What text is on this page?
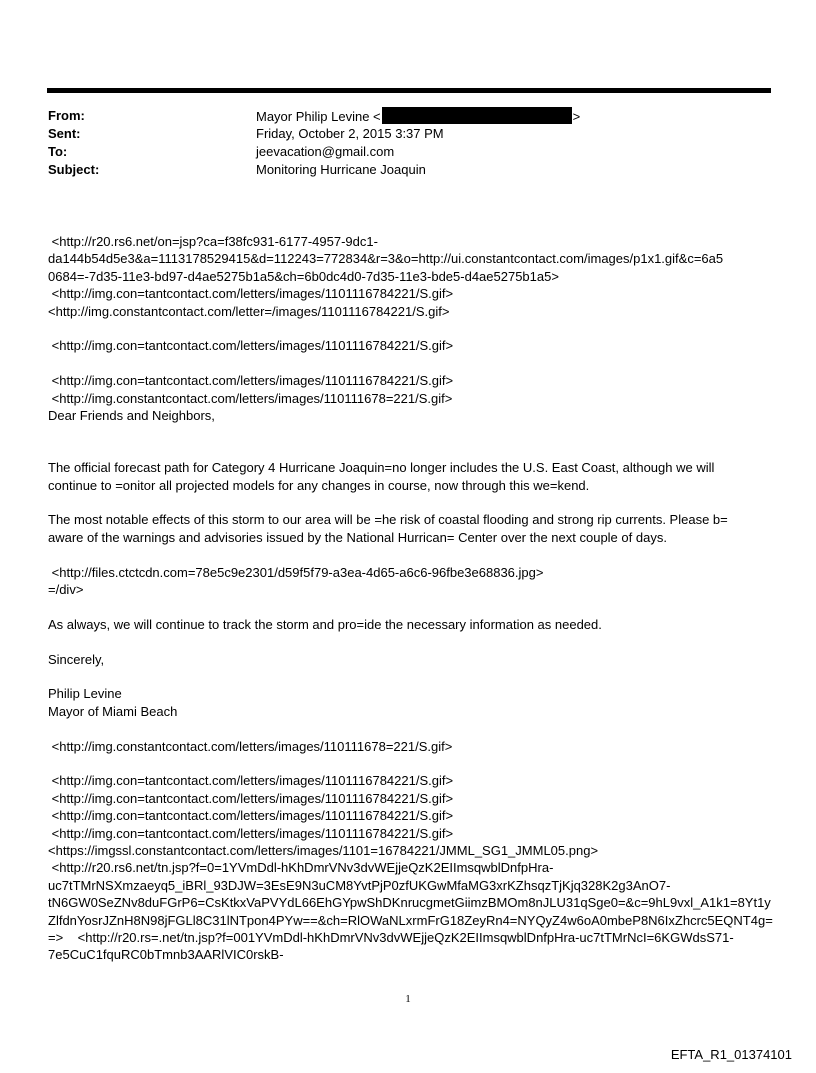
From:	Mayor Philip Levine <	>
Sent:	Friday, October 2, 2015 3:37 PM
To:	jeevacation@gmail.com
Subject:	Monitoring Hurricane Joaquin
<http://r20.rs6.net/on=jsp?ca=f38fc931-6177-4957-9dc1-
da144b54d5e3&a=1113178529415&d=112243=772834&r=3&o=http://ui.constantcontact.com/images/p1x1.gif&c=6a5
0684=-7d35-11e3-bd97-d4ae5275b1a5&ch=6b0dc4d0-7d35-11e3-bde5-d4ae5275b1a5>
<http://img.con=tantcontact.com/letters/images/1101116784221/S.gif>
<http://img.constantcontact.com/letter=/images/1101116784221/S.gif>
<http://img.con=tantcontact.com/letters/images/1101116784221/S.gif>
<http://img.con=tantcontact.com/letters/images/1101116784221/S.gif>
<http://img.constantcontact.com/letters/images/110111678=221/S.gif>
Dear Friends and Neighbors,
The official forecast path for Category 4 Hurricane Joaquin=no longer includes the U.S. East Coast, although we will
continue to =onitor all projected models for any changes in course, now through this we=kend.
The most notable effects of this storm to our area will be =he risk of coastal flooding and strong rip currents. Please b=
aware of the warnings and advisories issued by the National Hurrican= Center over the next couple of days.
<http://files.ctctcdn.com=78e5c9e2301/d59f5f79-a3ea-4d65-a6c6-96fbe3e68836.jpg>
=/div>
As always, we will continue to track the storm and pro=ide the necessary information as needed.
Sincerely,
Philip Levine
Mayor of Miami Beach
<http://img.constantcontact.com/letters/images/110111678=221/S.gif>
<http://img.con=tantcontact.com/letters/images/1101116784221/S.gif>
<http://img.con=tantcontact.com/letters/images/1101116784221/S.gif>
<http://img.con=tantcontact.com/letters/images/1101116784221/S.gif>
<http://img.con=tantcontact.com/letters/images/1101116784221/S.gif>
<https://imgssl.constantcontact.com/letters/images/1101=16784221/JMML_SG1_JMML05.png>
<http://r20.rs6.net/tn.jsp?f=0=1YVmDdl-hKhDmrVNv3dvWEjjeQzK2EIImsqwblDnfpHra-
uc7tTMrNSXmzaeyq5_iBRl_93DJW=3EsE9N3uCM8YvtPjP0zfUKGwMfaMG3xrKZhsqzTjKjq328K2g3AnO7-
tN6GW0SeZNv8duFGrP6=CsKtkxVaPVYdL66EhGYpwShDKnrucgmetGiimzBMOm8nJLU31qSge0=&c=9hL9vxl_A1k1=8Yt1y
ZlfdnYosrJZnH8N98jFGLl8C31lNTpon4PYw==&ch=RlOWaNLxrmFrG18ZeyRn4=NYQyZ4w6oA0mbeP8N6IxZhcrc5EQNT4g=
=>    <http://r20.rs=.net/tn.jsp?f=001YVmDdl-hKhDmrVNv3dvWEjjeQzK2EIImsqwblDnfpHra-uc7tTMrNcI=6KGWdsS71-
7e5CuC1fquRC0bTmnb3AARlVIC0rskB-
1
EFTA_R1_01374101
